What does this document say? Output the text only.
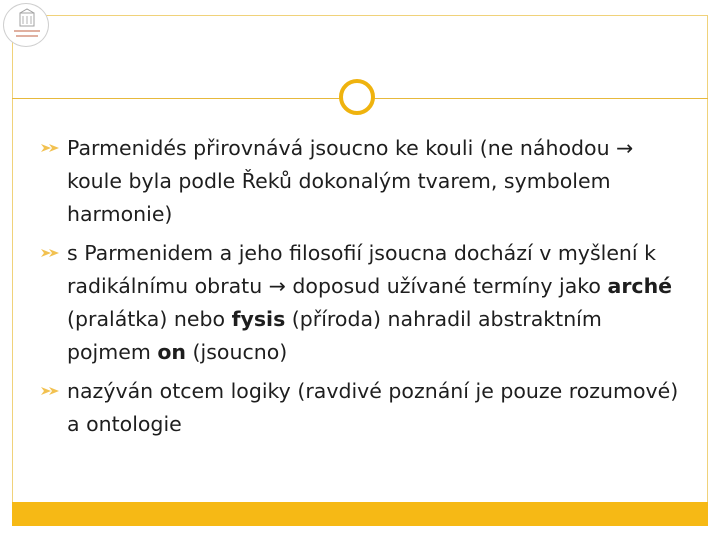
Parmenidés přirovnává jsoucno ke kouli (ne náhodou → koule byla podle Řeků dokonalým tvarem, symbolem harmonie)
s Parmenidem a jeho filosofií jsoucna dochází v myšlení k radikálnímu obratu → doposud užívané termíny jako arché (pralátka) nebo fysis (příroda) nahradil abstraktním pojmem on (jsoucno)
nazýván otcem logiky (ravdivé poznání je pouze rozumové) a ontologie
